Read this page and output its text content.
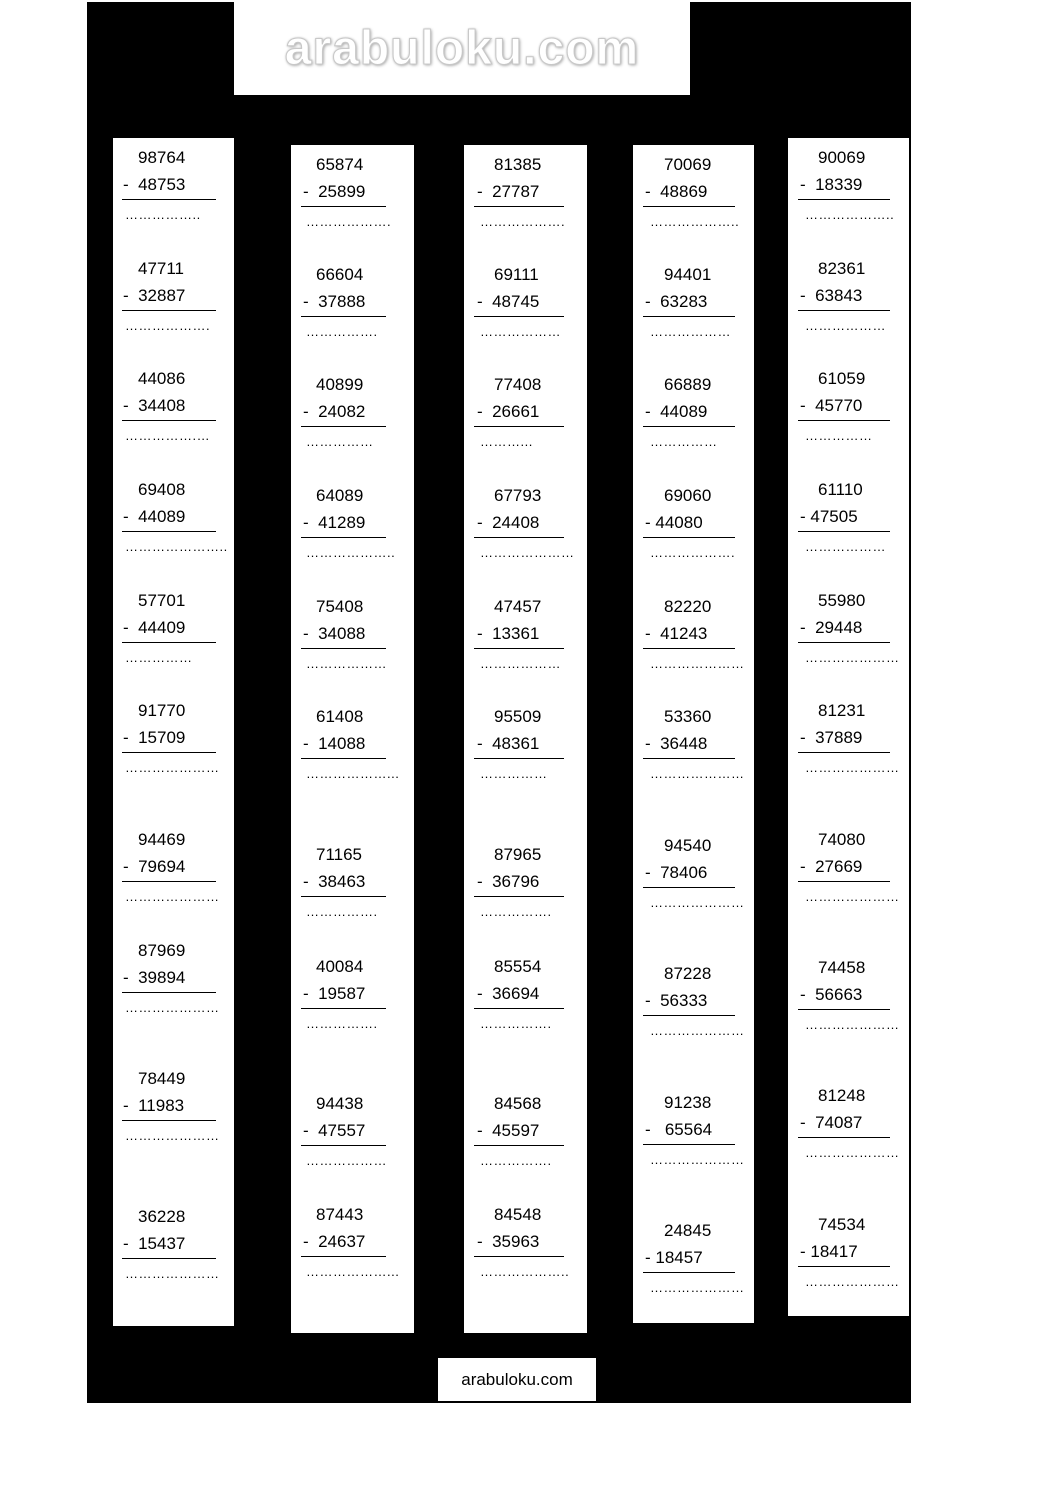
arabuloku.com
98764
-  48753
……………..
47711
-  32887
……………….
44086
-  34408
…………….…
69408
-  44089
…………………..
57701
-  44409
……………
91770
-  15709
…………………
94469
-  79694
…………………
87969
-  39894
…………………
78449
-  11983
…………………
36228
-  15437
…………………
65874
-  25899
……………….
66604
-  37888
…………….
40899
-  24082
……………
64089
-  41289
………………..
75408
-  34088
………………
61408
-  14088
………………...
71165
-  38463
…………….
40084
-  19587
…………….
94438
-  47557
………………
87443
-  24637
………………...
81385
-  27787
……………….
69111
-  48745
………………
77408
-  26661
………...
67793
-  24408
…………………
47457
-  13361
………………
95509
-  48361
……………
87965
-  36796
…………….
85554
-  36694
…………….
84568
-  45597
…………….
84548
-  35963
………………..
70069
-  48869
………………..
94401
-  63283
………………
66889
-  44089
……………
69060
- 44080
……………….
82220
-  41243
…………………
53360
-  36448
…………………
94540
-  78406
…………………
87228
-  56333
…………………
91238
-   65564
…………………
24845
- 18457
…………………
90069
-  18339
………………..
82361
-  63843
………………
61059
-  45770
……………
61110
- 47505
………………
55980
-  29448
…………………
81231
-  37889
…………………
74080
-  27669
…………………
74458
-  56663
…………………
81248
-  74087
…………………
74534
- 18417
…………………
arabuloku.com
